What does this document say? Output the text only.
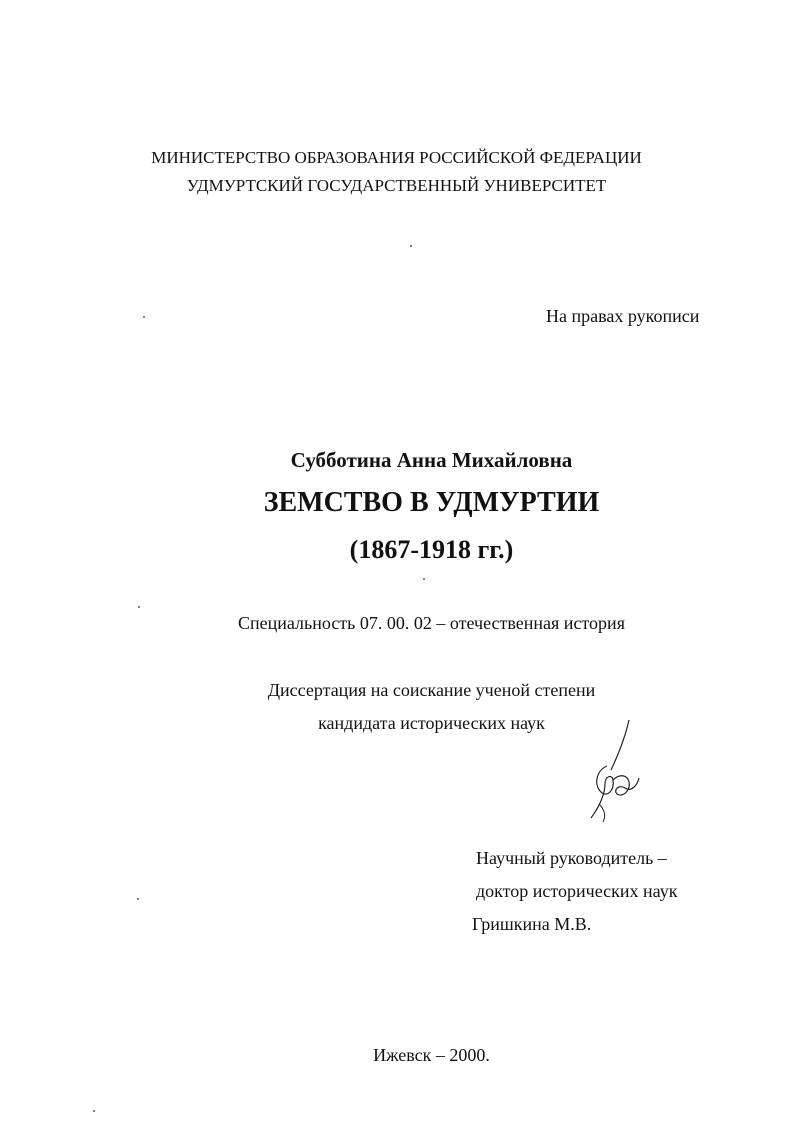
МИНИСТЕРСТВО ОБРАЗОВАНИЯ РОССИЙСКОЙ ФЕДЕРАЦИИ
УДМУРТСКИЙ ГОСУДАРСТВЕННЫЙ УНИВЕРСИТЕТ
На правах рукописи
Субботина Анна Михайловна
ЗЕМСТВО В УДМУРТИИ
(1867-1918 гг.)
Специальность 07. 00. 02 – отечественная история
Диссертация на соискание ученой степени
кандидата исторических наук
Научный руководитель –
доктор исторических наук
Гришкина М.В.
Ижевск – 2000.
